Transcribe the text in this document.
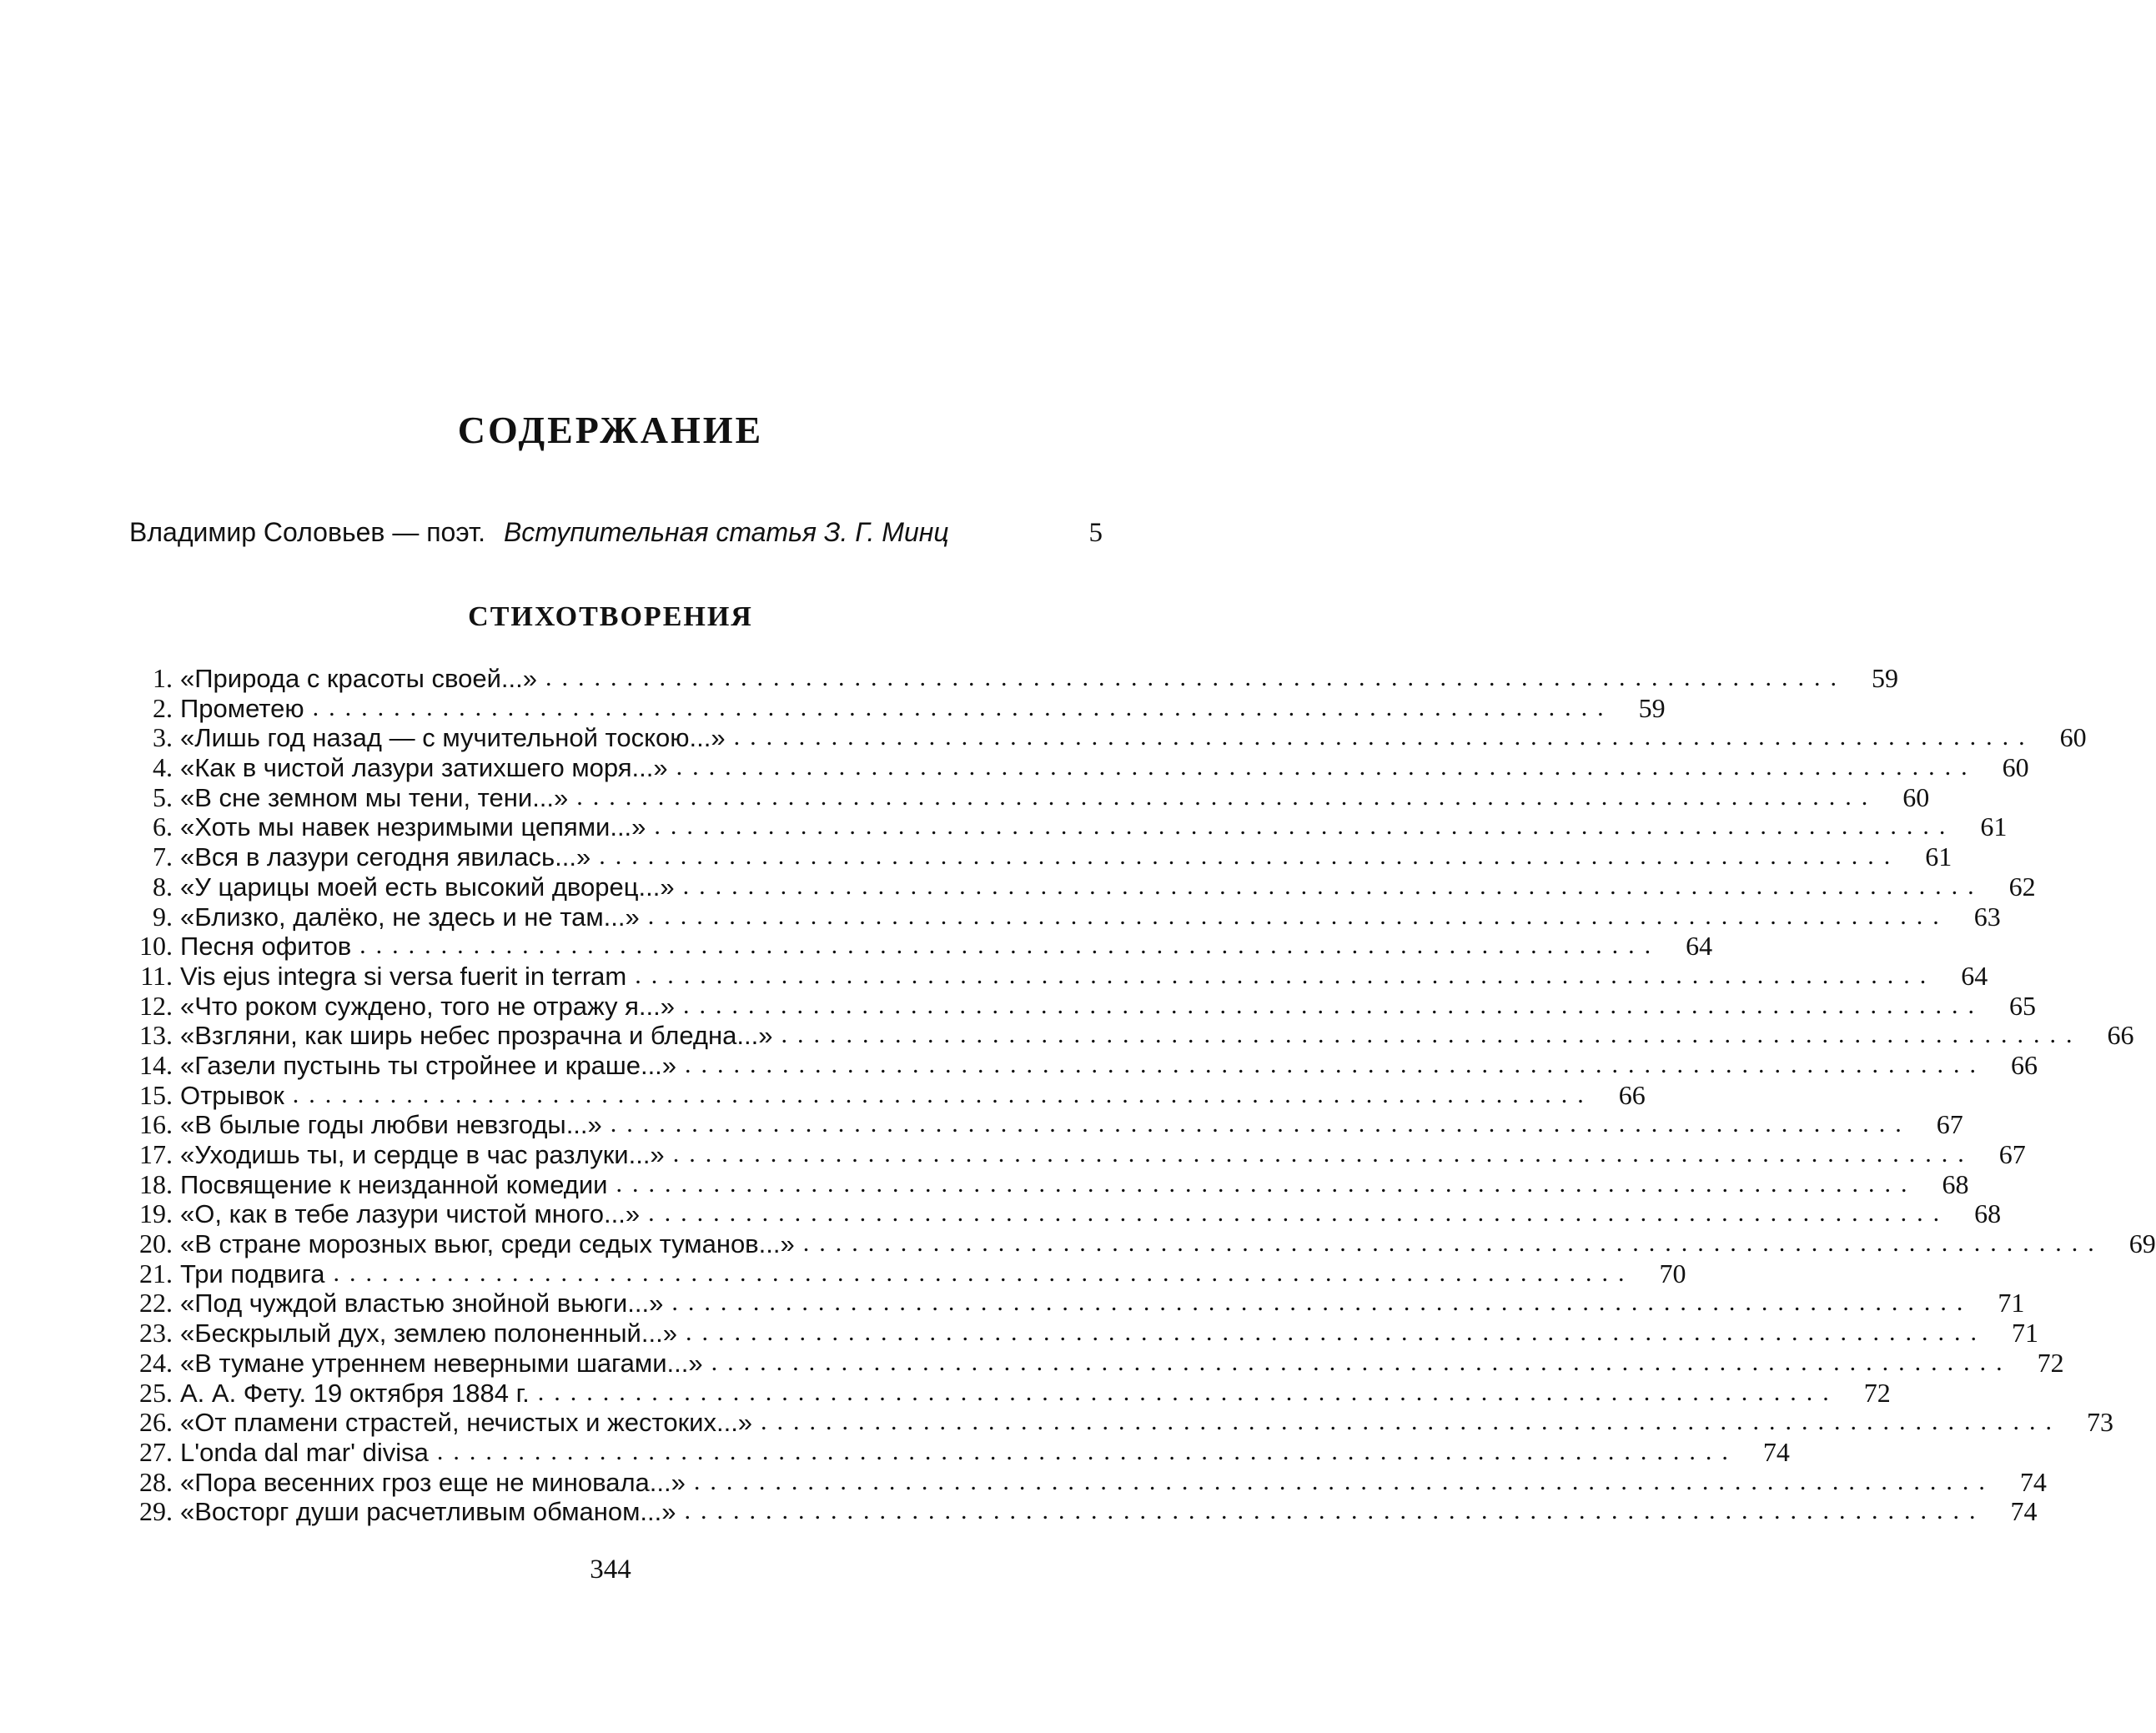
СОДЕРЖАНИЕ
Владимир Соловьев — поэт. Вступительная статья З. Г. Минц	5
СТИХОТВОРЕНИЯ
1. «Природа с красоты своей...» ................................................................................ 59
2. Прометею ................................................................................ 59
3. «Лишь год назад — с мучительной тоскою...» ................................................................................ 60
4. «Как в чистой лазури затихшего моря...» ................................................................................ 60
5. «В сне земном мы тени, тени...» ................................................................................ 60
6. «Хоть мы навек незримыми цепями...» ................................................................................ 61
7. «Вся в лазури сегодня явилась...» ................................................................................ 61
8. «У царицы моей есть высокий дворец...» ................................................................................ 62
9. «Близко, далёко, не здесь и не там...» ................................................................................ 63
10. Песня офитов ................................................................................ 64
11. Vis ejus integra si versa fuerit in terram ................................................................................ 64
12. «Что роком суждено, того не отражу я...» ................................................................................ 65
13. «Взгляни, как ширь небес прозрачна и бледна...» ................................................................................ 66
14. «Газели пустынь ты стройнее и краше...» ................................................................................ 66
15. Отрывок ................................................................................ 66
16. «В былые годы любви невзгоды...» ................................................................................ 67
17. «Уходишь ты, и сердце в час разлуки...» ................................................................................ 67
18. Посвящение к неизданной комедии ................................................................................ 68
19. «О, как в тебе лазури чистой много...» ................................................................................ 68
20. «В стране морозных вьюг, среди седых туманов...» ................................................................................ 69
21. Три подвига ................................................................................ 70
22. «Под чуждой властью знойной вьюги...» ................................................................................ 71
23. «Бескрылый дух, землею полоненный...» ................................................................................ 71
24. «В тумане утреннем неверными шагами...» ................................................................................ 72
25. А. А. Фету. 19 октября 1884 г. ................................................................................ 72
26. «От пламени страстей, нечистых и жестоких...» ................................................................................ 73
27. L'onda dal mar' divisa ................................................................................ 74
28. «Пора весенних гроз еще не миновала...» ................................................................................ 74
29. «Восторг души расчетливым обманом...» ................................................................................ 74
344
